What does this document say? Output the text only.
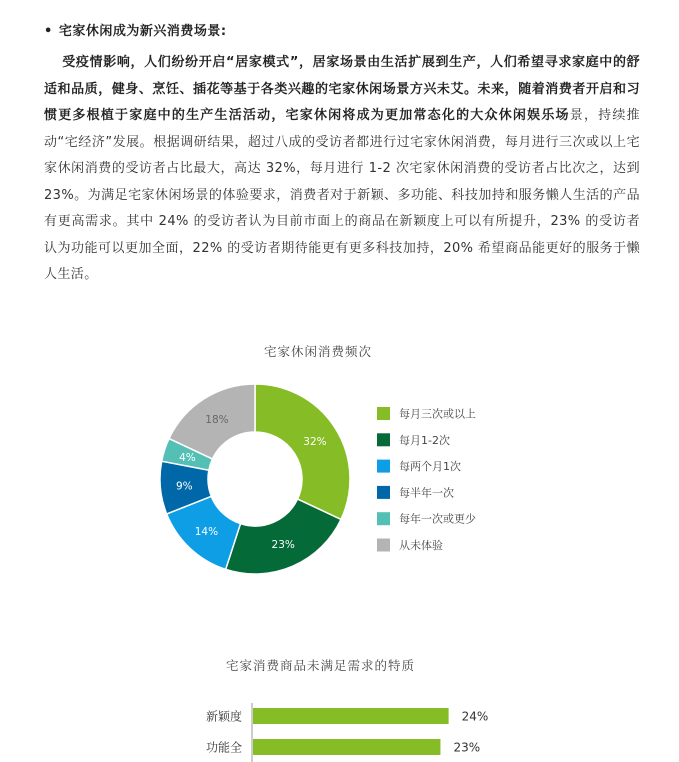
• 宅家休闲成为新兴消费场景:
受疫情影响，人们纷纷开启“居家模式”，居家场景由生活扩展到生产，人们希望寻求家庭中的舒适和品质，健身、烹饪、插花等基于各类兴趣的宅家休闲场景方兴未艾。未来，随着消费者开启和习惯更多根植于家庭中的生产生活活动，宅家休闲将成为更加常态化的大众休闲娱乐场景，持续推动“宅经济”发展。根据调研结果，超过八成的受访者都进行过宅家休闲消费，每月进行三次或以上宅家休闲消费的受访者占比最大，高达 32%，每月进行 1-2 次宅家休闲消费的受访者占比次之，达到 23%。为满足宅家休闲场景的体验要求，消费者对于新颖、多功能、科技加持和服务懒人生活的产品有更高需求。其中 24% 的受访者认为目前市面上的商品在新颖度上可以有所提升，23% 的受访者认为功能可以更加全面，22% 的受访者期待能更有更多科技加持，20% 希望商品能更好的服务于懒人生活。
宅家休闲消费频次
宅家消费商品未满足需求的特质
32%
23%
14%
9%
4%
18%	每月三次或以上
每月1-2次
每两个月1次
每半年一次
每年一次或更少
从未体验
新颖度	24%
功能全	23%
